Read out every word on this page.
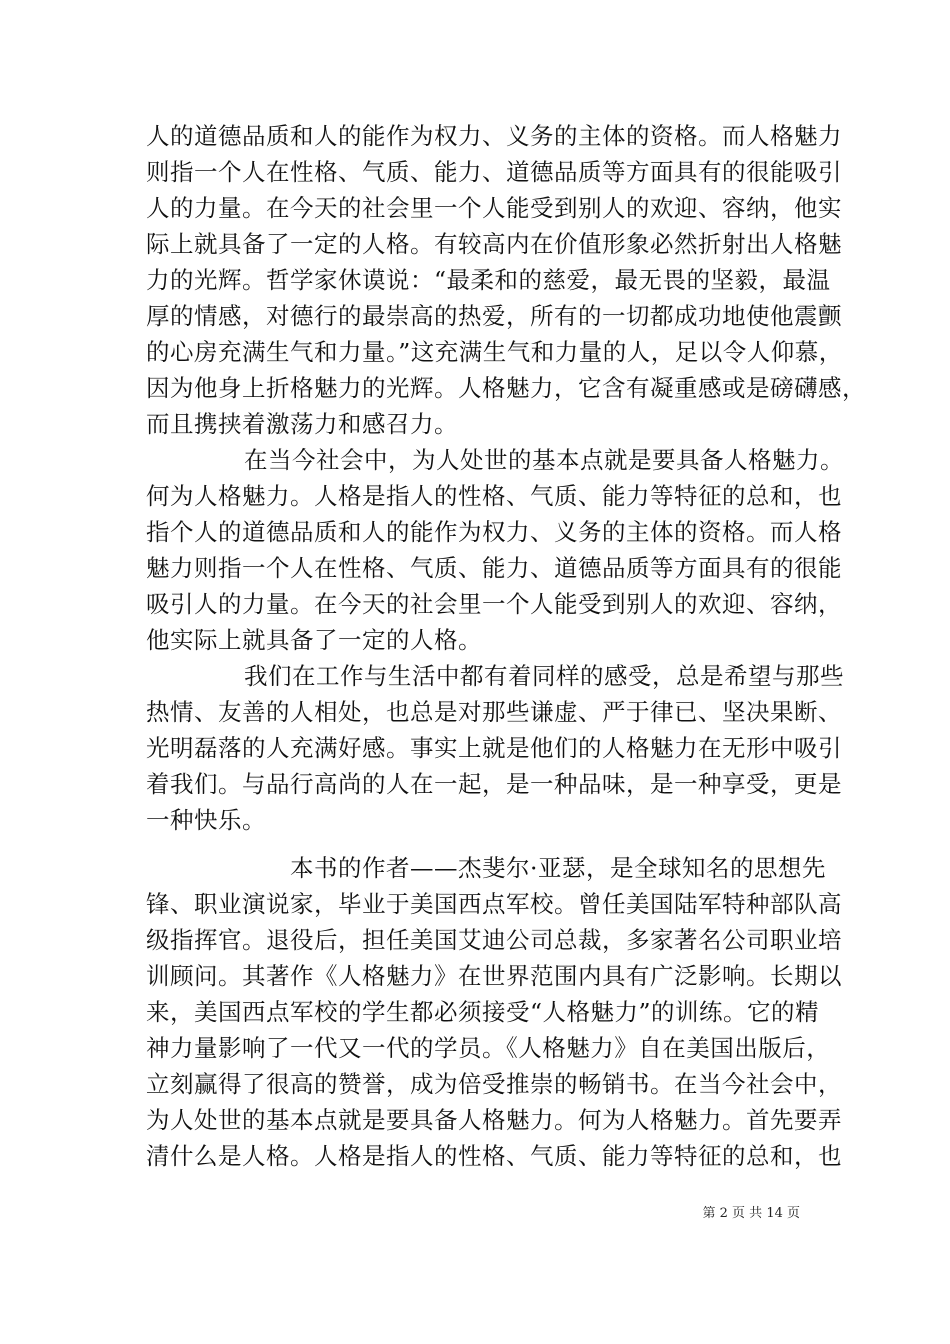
人的道德品质和人的能作为权力、义务的主体的资格。而人格魅力
则指一个人在性格、气质、能力、道德品质等方面具有的很能吸引
人的力量。在今天的社会里一个人能受到别人的欢迎、容纳，他实
际上就具备了一定的人格。有较高内在价值形象必然折射出人格魅
力的光辉。哲学家休谟说：“最柔和的慈爱，最无畏的坚毅，最温
厚的情感，对德行的最崇高的热爱，所有的一切都成功地使他震颤
的心房充满生气和力量。”这充满生气和力量的人，足以令人仰慕，
因为他身上折格魅力的光辉。人格魅力，它含有凝重感或是磅礴感，
而且携挟着激荡力和感召力。
在当今社会中，为人处世的基本点就是要具备人格魅力。
何为人格魅力。人格是指人的性格、气质、能力等特征的总和，也
指个人的道德品质和人的能作为权力、义务的主体的资格。而人格
魅力则指一个人在性格、气质、能力、道德品质等方面具有的很能
吸引人的力量。在今天的社会里一个人能受到别人的欢迎、容纳，
他实际上就具备了一定的人格。
我们在工作与生活中都有着同样的感受，总是希望与那些
热情、友善的人相处，也总是对那些谦虚、严于律已、坚决果断、
光明磊落的人充满好感。事实上就是他们的人格魅力在无形中吸引
着我们。与品行高尚的人在一起，是一种品味，是一种享受，更是
一种快乐。
本书的作者——杰斐尔·亚瑟，是全球知名的思想先
锋、职业演说家，毕业于美国西点军校。曾任美国陆军特种部队高
级指挥官。退役后，担任美国艾迪公司总裁，多家著名公司职业培
训顾问。其著作《人格魅力》在世界范围内具有广泛影响。长期以
来，美国西点军校的学生都必须接受“人格魅力”的训练。它的精
神力量影响了一代又一代的学员。《人格魅力》自在美国出版后，
立刻赢得了很高的赞誉，成为倍受推崇的畅销书。在当今社会中，
为人处世的基本点就是要具备人格魅力。何为人格魅力。首先要弄
清什么是人格。人格是指人的性格、气质、能力等特征的总和，也
第 2 页 共 14 页
